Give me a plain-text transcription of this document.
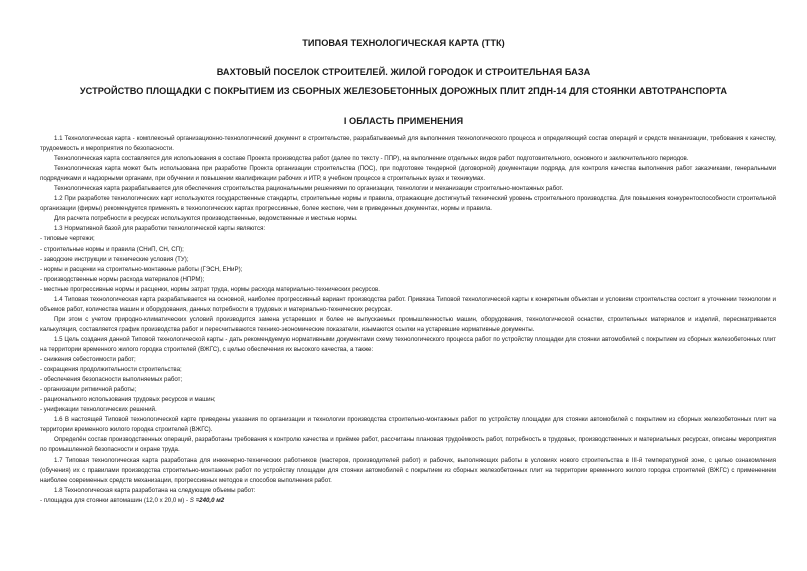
ТИПОВАЯ ТЕХНОЛОГИЧЕСКАЯ КАРТА (ТТК)
ВАХТОВЫЙ ПОСЕЛОК СТРОИТЕЛЕЙ. ЖИЛОЙ ГОРОДОК И СТРОИТЕЛЬНАЯ БАЗА
УСТРОЙСТВО ПЛОЩАДКИ С ПОКРЫТИЕМ ИЗ СБОРНЫХ ЖЕЛЕЗОБЕТОННЫХ ДОРОЖНЫХ ПЛИТ 2ПДН-14 ДЛЯ СТОЯНКИ АВТОТРАНСПОРТА
I ОБЛАСТЬ ПРИМЕНЕНИЯ

1.1 Технологическая карта - комплексный организационно-технологический документ в строительстве, разрабатываемый для выполнения технологического процесса и определяющий состав операций и средств механизации, требования к качеству, трудоемкость и мероприятия по безопасности.

Технологическая карта составляется для использования в составе Проекта производства работ (далее по тексту - ППР), на выполнение отдельных видов работ подготовительного, основного и заключительного периодов.

Технологическая карта может быть использована при разработке Проекта организации строительства (ПОС), при подготовке тендерной (договорной) документации подряда, для контроля качества выполнения работ заказчиками, генеральными подрядчиками и надзорными органами, при обучении и повышении квалификации рабочих и ИТР, в учебном процессе в строительных вузах и техникумах.

Технологическая карта разрабатывается для обеспечения строительства рациональными решениями по организации, технологии и механизации строительно-монтажных работ.

1.2 При разработке технологических карт используются государственные стандарты, строительные нормы и правила, отражающие достигнутый технический уровень строительного производства. Для повышения конкурентоспособности строительной организации (фирмы) рекомендуется применять в технологических картах прогрессивные, более жесткие, чем в приведенных документах, нормы и правила.

Для расчета потребности в ресурсах используются производственные, ведомственные и местные нормы.

1.3 Нормативной базой для разработки технологической карты являются:

- типовые чертежи;

- строительные нормы и правила (СНиП, СН, СП);

- заводские инструкции и технические условия (ТУ);

- нормы и расценки на строительно-монтажные работы (ГЭСН, ЕНиР);

- производственные нормы расхода материалов (НПРМ);

- местные прогрессивные нормы и расценки, нормы затрат труда, нормы расхода материально-технических ресурсов.

1.4 Типовая технологическая карта разрабатывается на основной, наиболее прогрессивный вариант производства работ. Привязка Типовой технологической карты к конкретным объектам и условиям строительства состоит в уточнении технологии и объемов работ, количества машин и оборудования, данных потребности в трудовых и материально-технических ресурсах.

При этом с учетом природно-климатических условий производится замена устаревших и более не выпускаемых промышленностью машин, оборудования, технологической оснастки, строительных материалов и изделий, пересматривается калькуляция, составляется график производства работ и пересчитываются технико-экономические показатели, изымаются ссылки на устаревшие нормативные документы.

1.5 Цель создания данной Типовой технологической карты - дать рекомендуемую нормативными документами схему технологического процесса работ по устройству площадки для стоянки автомобилей с покрытием из сборных железобетонных плит на территории временного жилого городка строителей (ВЖГС), с целью обеспечения их высокого качества, а также:

- снижения себестоимости работ;

- сокращения продолжительности строительства;

- обеспечения безопасности выполняемых работ;

- организации ритмичной работы;

- рационального использования трудовых ресурсов и машин;

- унификации технологических решений.

1.6 В настоящей Типовой технологической карте приведены указания по организации и технологии производства строительно-монтажных работ по устройству площадки для стоянки автомобилей с покрытием из сборных железобетонных плит на территории временного жилого городка строителей (ВЖГС).

Определён состав производственных операций, разработаны требования к контролю качества и приёмке работ, рассчитаны плановая трудоёмкость работ, потребность в трудовых, производственных и материальных ресурсах, описаны мероприятия по промышленной безопасности и охране труда.

1.7 Типовая технологическая карта разработана для инженерно-технических работников (мастеров, производителей работ) и рабочих, выполняющих работы в условиях нового строительства в III-й температурной зоне, с целью ознакомления (обучения) их с правилами производства строительно-монтажных работ по устройству площадки для стоянки автомобилей с покрытием из сборных железобетонных плит на территории временного жилого городка строителей (ВЖГС) с применением наиболее современных средств механизации, прогрессивных методов и способов выполнения работ.

1.8 Технологическая карта разработана на следующие объемы работ:

- площадка для стоянки автомашин (12,0 х 20,0 м) - S =240,0 м2
